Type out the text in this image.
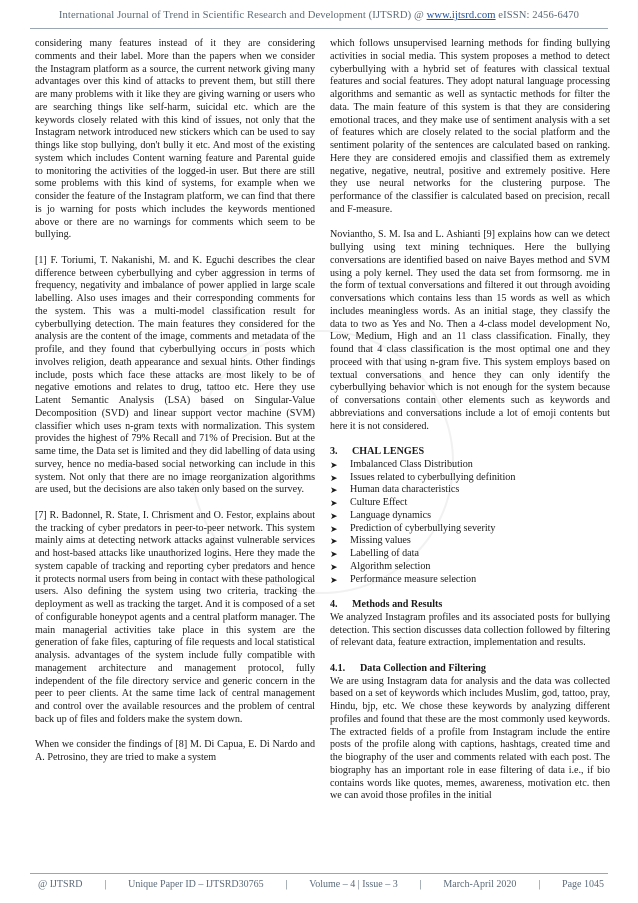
International Journal of Trend in Scientific Research and Development (IJTSRD) @ www.ijtsrd.com eISSN: 2456-6470

considering many features instead of it they are considering comments and their label. More than the papers when we consider the Instagram platform as a source, the current network giving many advantages over this kind of attacks to prevent them, but still there are many problems with it like they are giving warning or users who are searching things like self-harm, suicidal etc. which are the keywords closely related with this kind of issues, not only that the Instagram network introduced new stickers which can be used to say things like stop bullying, don't bully it etc. And most of the existing system which includes Content warning feature and Parental guide to monitoring the activities of the logged-in user. But there are still some problems with this kind of systems, for example when we consider the feature of the Instagram platform, we can find that there is jo warning for posts which includes the keywords mentioned above or there are no warnings for comments which seem to be bullying.

[1] F. Toriumi, T. Nakanishi, M. and K. Eguchi describes the clear difference between cyberbullying and cyber aggression in terms of frequency, negativity and imbalance of power applied in large scale labelling. Also uses images and their corresponding comments for the system. This was a multi-model classification result for cyberbullying detection. The main features they considered for the analysis are the content of the image, comments and metadata of the profile, and they found that cyberbullying occurs in posts which involves religion, death appearance and sexual hints. Other findings include, posts which face these attacks are most likely to be of negative emotions and relates to drug, tattoo etc. Here they use Latent Semantic Analysis (LSA) based on Singular-Value Decomposition (SVD) and linear support vector machine (SVM) classifier which uses n-gram texts with normalization. This system provides the highest of 79% Recall and 71% of Precision. But at the same time, the Data set is limited and they did labelling of data using survey, hence no media-based social networking can include in this system. Not only that there are no image reorganization algorithms are used, but the decisions are also taken only based on the survey.

[7] R. Badonnel, R. State, I. Chrisment and O. Festor, explains about the tracking of cyber predators in peer-to-peer network. This system mainly aims at detecting network attacks against vulnerable services and host-based attacks like unauthorized logins. Here they made the system capable of tracking and reporting cyber predators and hence it protects normal users from being in contact with these pathological users. Also defining the system using two criteria, tracking the deployment as well as tracking the target. And it is composed of a set of configurable honeypot agents and a central platform manager. The main managerial activities take place in this system are the generation of fake files, capturing of file requests and local statistical analysis. advantages of the system include fully compatible with management architecture and management protocol, fully independent of the file directory service and generic concern in the peer to peer clients. At the same time lack of central management and control over the available resources and the problem of central back up of files and folders make the system down.

When we consider the findings of [8] M. Di Capua, E. Di Nardo and A. Petrosino, they are tried to make a system

which follows unsupervised learning methods for finding bullying activities in social media. This system proposes a method to detect cyberbullying with a hybrid set of features with classical textual features and social features. They adopt natural language processing algorithms and semantic as well as syntactic methods for filter the data. The main feature of this system is that they are considering emotional traces, and they make use of sentiment analysis with a set of features which are closely related to the social platform and the sentiment polarity of the sentences are calculated based on ranking. Here they are considered emojis and classified them as extremely negative, negative, neutral, positive and extremely positive. Here they use neural networks for the clustering purpose. The performance of the classifier is calculated based on precision, recall and F-measure.

Noviantho, S. M. Isa and L. Ashianti [9] explains how can we detect bullying using text mining techniques. Here the bullying conversations are identified based on naive Bayes method and SVM using a poly kernel. They used the data set from formsorng. me in the form of textual conversations and filtered it out through avoiding conversations which contains less than 15 words as well as which includes meaningless words. As an initial stage, they classify the data to two as Yes and No. Then a 4-class model development No, Low, Medium, High and an 11 class classification. Finally, they found that 4 class classification is the most optimal one and they proceed with that using n-gram five. This system employs based on textual conversations and hence they can only identify the cyberbullying behavior which is not enough for the system because of conversations contain other elements such as keywords and abbreviations and conversations include a lot of emoji contents but here it is not considered.

3. CHAL LENGES
➤	Imbalanced Class Distribution
➤	Issues related to cyberbullying definition
➤	Human data characteristics
➤	Culture Effect
➤	Language dynamics
➤	Prediction of cyberbullying severity
➤	Missing values
➤	Labelling of data
➤	Algorithm selection
➤	Performance measure selection
4. Methods and Results

We analyzed Instagram profiles and its associated posts for bullying detection. This section discusses data collection followed by filtering of relevant data, feature extraction, implementation and results.

4.1. Data Collection and Filtering

We are using Instagram data for analysis and the data was collected based on a set of keywords which includes Muslim, god, tattoo, pray, Hindu, bjp, etc. We chose these keywords by analyzing different profiles and found that these are the most commonly used keywords. The extracted fields of a profile from Instagram include the entire posts of the profile along with captions, hashtags, created time and the biography of the user and comments related with each post. The biography has an important role in ease filtering of data i.e., if bio contains words like quotes, memes, awareness, motivation etc. then we can avoid those profiles in the initial

@ IJTSRD | Unique Paper ID – IJTSRD30765 | Volume – 4 | Issue – 3 | March-April 2020 | Page 1045
